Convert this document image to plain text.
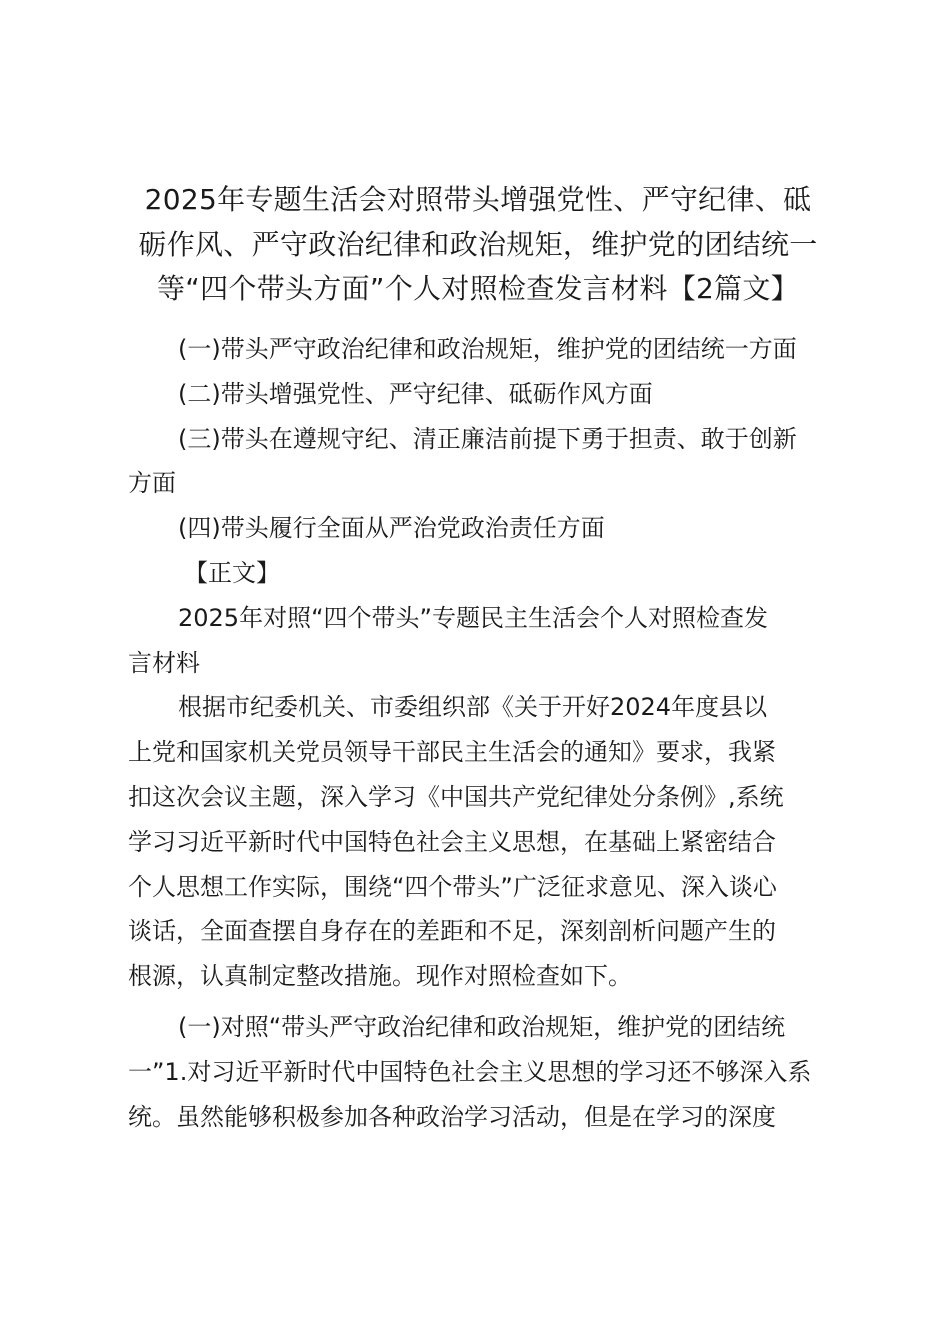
2025年专题生活会对照带头增强党性、严守纪律、砥
砺作风、严守政治纪律和政治规矩，维护党的团结统一
等“四个带头方面”个人对照检查发言材料【2篇文】
(一)带头严守政治纪律和政治规矩，维护党的团结统一方面
(二)带头增强党性、严守纪律、砥砺作风方面
(三)带头在遵规守纪、清正廉洁前提下勇于担责、敢于创新
方面
(四)带头履行全面从严治党政治责任方面
【正文】
2025年对照“四个带头”专题民主生活会个人对照检查发
言材料
根据市纪委机关、市委组织部《关于开好2024年度县以
上党和国家机关党员领导干部民主生活会的通知》要求，我紧
扣这次会议主题，深入学习《中国共产党纪律处分条例》,系统
学习习近平新时代中国特色社会主义思想，在基础上紧密结合
个人思想工作实际，围绕“四个带头”广泛征求意见、深入谈心
谈话，全面查摆自身存在的差距和不足，深刻剖析问题产生的
根源，认真制定整改措施。现作对照检查如下。
(一)对照“带头严守政治纪律和政治规矩，维护党的团结统
一”1.对习近平新时代中国特色社会主义思想的学习还不够深入系
统。虽然能够积极参加各种政治学习活动，但是在学习的深度
